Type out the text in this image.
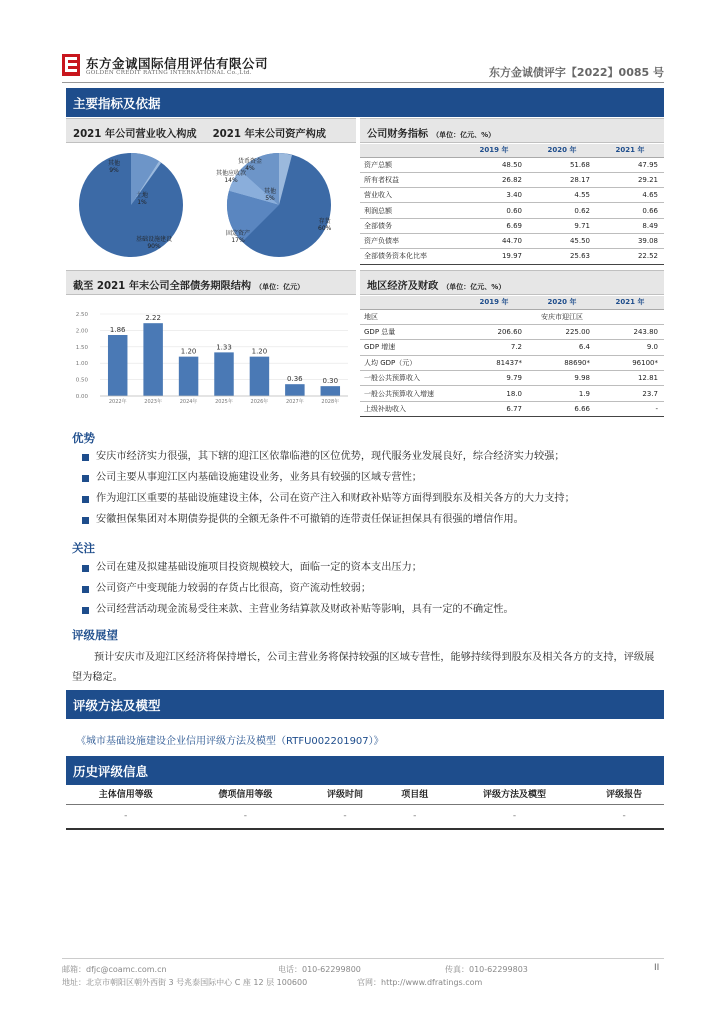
东方金诚国际信用评估有限公司
GOLDEN CREDIT RATING INTERNATIONAL Co.,Ltd.	东方金诚债评字【2022】0085 号
主要指标及依据
2021 年公司营业收入构成 2021 年末公司资产构成
其他
9%
土地
1%
基础设施建设
90%
货币资金
4%
其他应收款
14%
其他
5%
固定资产
17%
存货
60%
公司财务指标 （单位：亿元、%）
	2019 年	2020 年	2021 年
资产总额	48.50	51.68	47.95
所有者权益	26.82	28.17	29.21
营业收入	3.40	4.55	4.65
利润总额	0.60	0.62	0.66
全部债务	6.69	9.71	8.49
资产负债率	44.70	45.50	39.08
全部债务资本化比率	19.97	25.63	22.52
截至 2021 年末公司全部债务期限结构 （单位：亿元）
2.50
2.00
1.50
1.00
0.50
0.00
1.86
2022年
2.22
2023年
1.20
2024年
1.33
2025年
1.20
2026年
0.36
2027年
0.30
2028年
地区经济及财政 （单位：亿元、%）
	2019 年	2020 年	2021 年
地区	安庆市迎江区		
GDP 总量	206.60	225.00	243.80
GDP 增速	7.2	6.4	9.0
人均 GDP（元）	81437*	88690*	96100*
一般公共预算收入	9.79	9.98	12.81
一般公共预算收入增速	18.0	1.9	23.7
上级补助收入	6.77	6.66	-
优势
安庆市经济实力很强，其下辖的迎江区依靠临港的区位优势，现代服务业发展良好，综合经济实力较强；
公司主要从事迎江区内基础设施建设业务，业务具有较强的区域专营性；
作为迎江区重要的基础设施建设主体，公司在资产注入和财政补贴等方面得到股东及相关各方的大力支持；
安徽担保集团对本期债券提供的全额无条件不可撤销的连带责任保证担保具有很强的增信作用。
关注
公司在建及拟建基础设施项目投资规模较大，面临一定的资本支出压力；
公司资产中变现能力较弱的存货占比很高，资产流动性较弱；
公司经营活动现金流易受往来款、主营业务结算款及财政补贴等影响，具有一定的不确定性。
评级展望
预计安庆市及迎江区经济将保持增长，公司主营业务将保持较强的区域专营性，能够持续得到股东及相关各方的支持，评级展望为稳定。
评级方法及模型
《城市基础设施建设企业信用评级方法及模型（RTFU002201907）》
历史评级信息
主体信用等级	债项信用等级	评级时间	项目组	评级方法及模型	评级报告
-	-	-	-	-	-
邮箱：dfjc@coamc.com.cn	电话：010-62299800	传真：010-62299803
地址：北京市朝阳区朝外西街 3 号兆泰国际中心 C 座 12 层 100600	官网：http://www.dfratings.com
II
